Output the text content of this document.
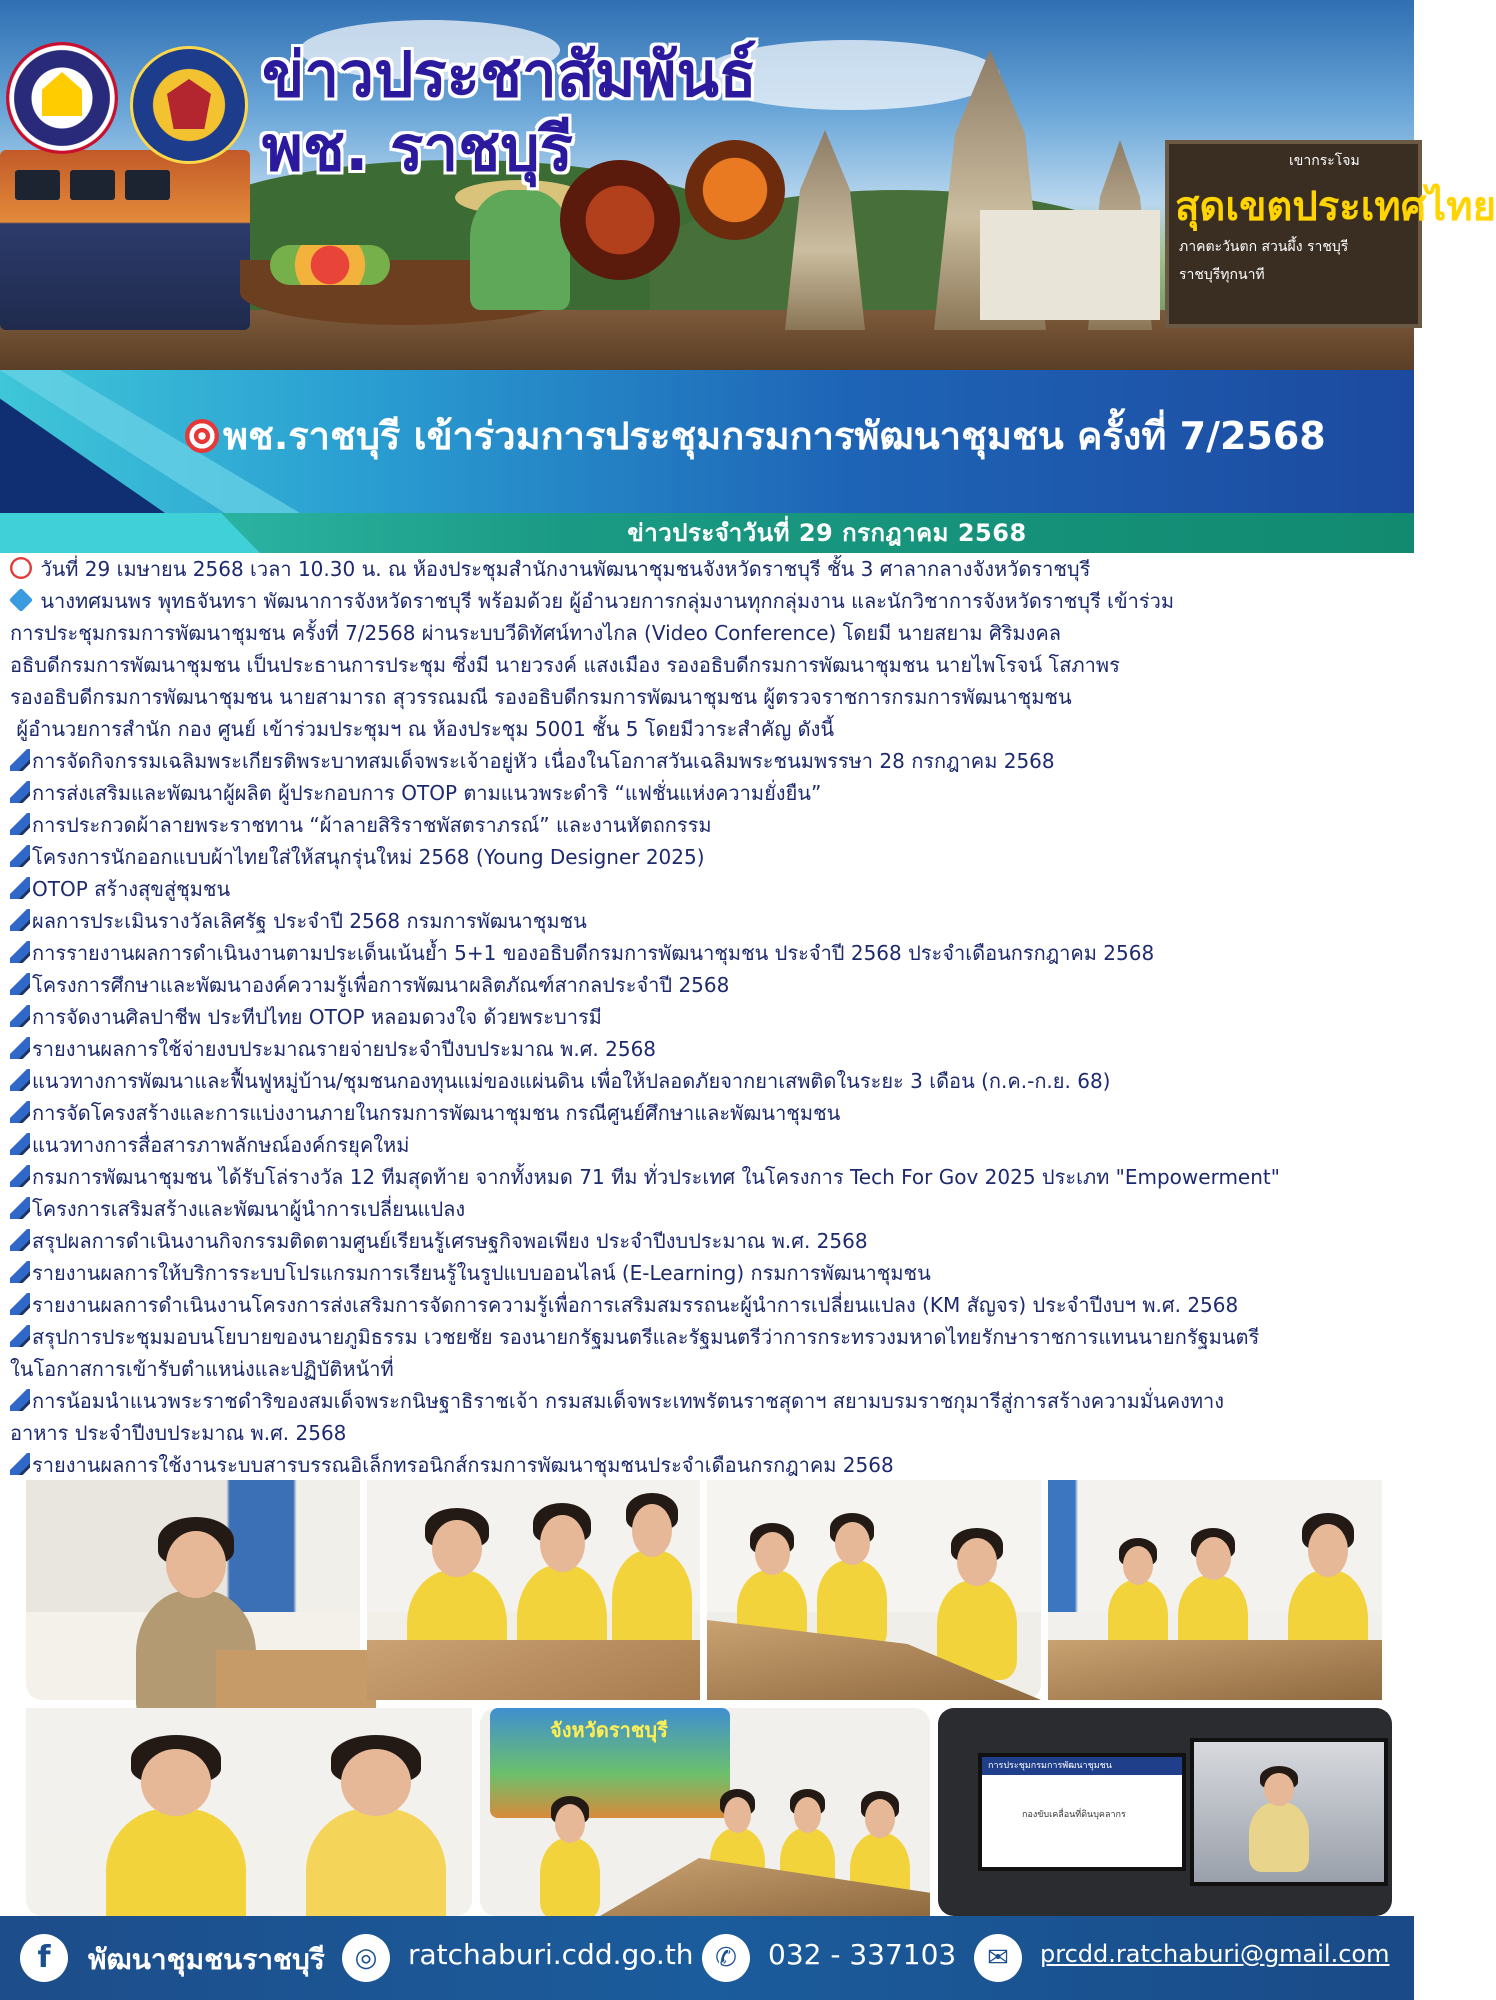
เขากระโจม
สุดเขตประเทศไทย
ภาคตะวันตก สวนผึ้ง ราชบุรี
ราชบุรีทุกนาที
ข่าวประชาสัมพันธ์
พช. ราชบุรี
พช.ราชบุรี เข้าร่วมการประชุมกรมการพัฒนาชุมชน ครั้งที่ 7/2568
ข่าวประจำวันที่ 29 กรกฎาคม 2568
วันที่ 29 เมษายน 2568 เวลา 10.30 น. ณ ห้องประชุมสำนักงานพัฒนาชุมชนจังหวัดราชบุรี ชั้น 3 ศาลากลางจังหวัดราชบุรี
นางทศมนพร พุทธจันทรา พัฒนาการจังหวัดราชบุรี พร้อมด้วย ผู้อำนวยการกลุ่มงานทุกกลุ่มงาน และนักวิชาการจังหวัดราชบุรี เข้าร่วม
การประชุมกรมการพัฒนาชุมชน ครั้งที่ 7/2568 ผ่านระบบวีดิทัศน์ทางไกล (Video Conference) โดยมี นายสยาม ศิริมงคล
อธิบดีกรมการพัฒนาชุมชน เป็นประธานการประชุม ซึ่งมี นายวรงค์ แสงเมือง รองอธิบดีกรมการพัฒนาชุมชน นายไพโรจน์ โสภาพร
รองอธิบดีกรมการพัฒนาชุมชน นายสามารถ สุวรรณมณี รองอธิบดีกรมการพัฒนาชุมชน ผู้ตรวจราชการกรมการพัฒนาชุมชน
ผู้อำนวยการสำนัก กอง ศูนย์ เข้าร่วมประชุมฯ ณ ห้องประชุม 5001 ชั้น 5 โดยมีวาระสำคัญ ดังนี้
การจัดกิจกรรมเฉลิมพระเกียรติพระบาทสมเด็จพระเจ้าอยู่หัว เนื่องในโอกาสวันเฉลิมพระชนมพรรษา 28 กรกฎาคม 2568
การส่งเสริมและพัฒนาผู้ผลิต ผู้ประกอบการ OTOP ตามแนวพระดำริ “แฟชั่นแห่งความยั่งยืน”
การประกวดผ้าลายพระราชทาน “ผ้าลายสิริราชพัสตราภรณ์” และงานหัตถกรรม
โครงการนักออกแบบผ้าไทยใส่ให้สนุกรุ่นใหม่ 2568 (Young Designer 2025)
OTOP สร้างสุขสู่ชุมชน
ผลการประเมินรางวัลเลิศรัฐ ประจำปี 2568 กรมการพัฒนาชุมชน
การรายงานผลการดำเนินงานตามประเด็นเน้นย้ำ 5+1 ของอธิบดีกรมการพัฒนาชุมชน ประจำปี 2568 ประจำเดือนกรกฎาคม 2568
โครงการศึกษาและพัฒนาองค์ความรู้เพื่อการพัฒนาผลิตภัณฑ์สากลประจำปี 2568
การจัดงานศิลปาชีพ ประทีปไทย OTOP หลอมดวงใจ ด้วยพระบารมี
รายงานผลการใช้จ่ายงบประมาณรายจ่ายประจำปีงบประมาณ พ.ศ. 2568
แนวทางการพัฒนาและฟื้นฟูหมู่บ้าน/ชุมชนกองทุนแม่ของแผ่นดิน เพื่อให้ปลอดภัยจากยาเสพติดในระยะ 3 เดือน (ก.ค.-ก.ย. 68)
การจัดโครงสร้างและการแบ่งงานภายในกรมการพัฒนาชุมชน กรณีศูนย์ศึกษาและพัฒนาชุมชน
แนวทางการสื่อสารภาพลักษณ์องค์กรยุคใหม่
กรมการพัฒนาชุมชน ได้รับโล่รางวัล 12 ทีมสุดท้าย จากทั้งหมด 71 ทีม ทั่วประเทศ ในโครงการ Tech For Gov 2025 ประเภท "Empowerment"
โครงการเสริมสร้างและพัฒนาผู้นำการเปลี่ยนแปลง
สรุปผลการดำเนินงานกิจกรรมติดตามศูนย์เรียนรู้เศรษฐกิจพอเพียง ประจำปีงบประมาณ พ.ศ. 2568
รายงานผลการให้บริการระบบโปรแกรมการเรียนรู้ในรูปแบบออนไลน์ (E-Learning) กรมการพัฒนาชุมชน
รายงานผลการดำเนินงานโครงการส่งเสริมการจัดการความรู้เพื่อการเสริมสมรรถนะผู้นำการเปลี่ยนแปลง (KM สัญจร) ประจำปีงบฯ พ.ศ. 2568
สรุปการประชุมมอบนโยบายของนายภูมิธรรม เวชยชัย รองนายกรัฐมนตรีและรัฐมนตรีว่าการกระทรวงมหาดไทยรักษาราชการแทนนายกรัฐมนตรี
ในโอกาสการเข้ารับตำแหน่งและปฏิบัติหน้าที่
การน้อมนำแนวพระราชดำริของสมเด็จพระกนิษฐาธิราชเจ้า กรมสมเด็จพระเทพรัตนราชสุดาฯ สยามบรมราชกุมารีสู่การสร้างความมั่นคงทาง
อาหาร ประจำปีงบประมาณ พ.ศ. 2568
รายงานผลการใช้งานระบบสารบรรณอิเล็กทรอนิกส์กรมการพัฒนาชุมชนประจำเดือนกรกฎาคม 2568
จังหวัดราชบุรี
การประชุมกรมการพัฒนาชุมชน
กองขับเคลื่อนที่ดินบุคลากร
f	พัฒนาชุมชนราชบุรี	◎	ratchaburi.cdd.go.th ✆	032 - 337103	✉	prcdd.ratchaburi@gmail.com
